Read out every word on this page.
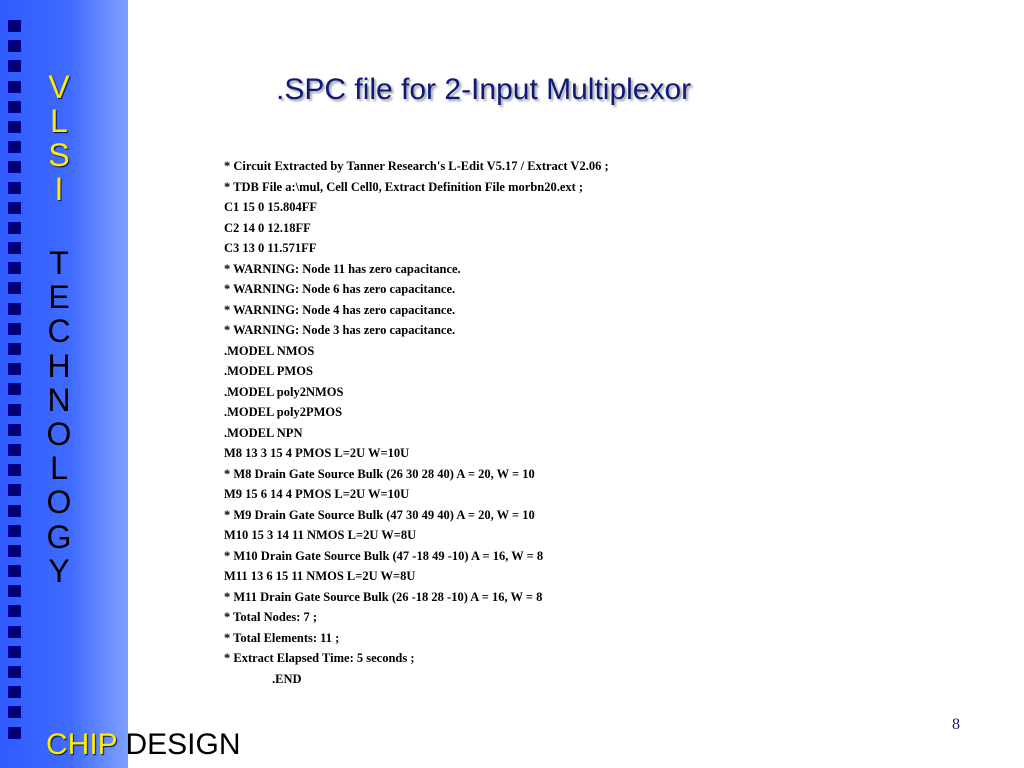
V
L
S
I
T
E
C
H
N
O
L
O
G
Y
CHIP DESIGN
.SPC file for 2-Input Multiplexor
* Circuit Extracted by Tanner Research's L-Edit V5.17 / Extract V2.06 ;
* TDB File a:\mul, Cell Cell0, Extract Definition File morbn20.ext ;
C1 15 0 15.804FF
C2 14 0 12.18FF
C3 13 0 11.571FF
* WARNING: Node 11 has zero capacitance.
* WARNING: Node 6 has zero capacitance.
* WARNING: Node 4 has zero capacitance.
* WARNING: Node 3 has zero capacitance.
.MODEL NMOS
.MODEL PMOS
.MODEL poly2NMOS
.MODEL poly2PMOS
.MODEL NPN
M8 13 3 15 4 PMOS L=2U W=10U
* M8 Drain Gate Source Bulk (26 30 28 40) A = 20, W = 10
M9 15 6 14 4 PMOS L=2U W=10U
* M9 Drain Gate Source Bulk (47 30 49 40) A = 20, W = 10
M10 15 3 14 11 NMOS L=2U W=8U
* M10 Drain Gate Source Bulk (47 -18 49 -10) A = 16, W = 8
M11 13 6 15 11 NMOS L=2U W=8U
* M11 Drain Gate Source Bulk (26 -18 28 -10) A = 16, W = 8
* Total Nodes: 7 ;
* Total Elements: 11 ;
* Extract Elapsed Time: 5 seconds ;
.END
8
